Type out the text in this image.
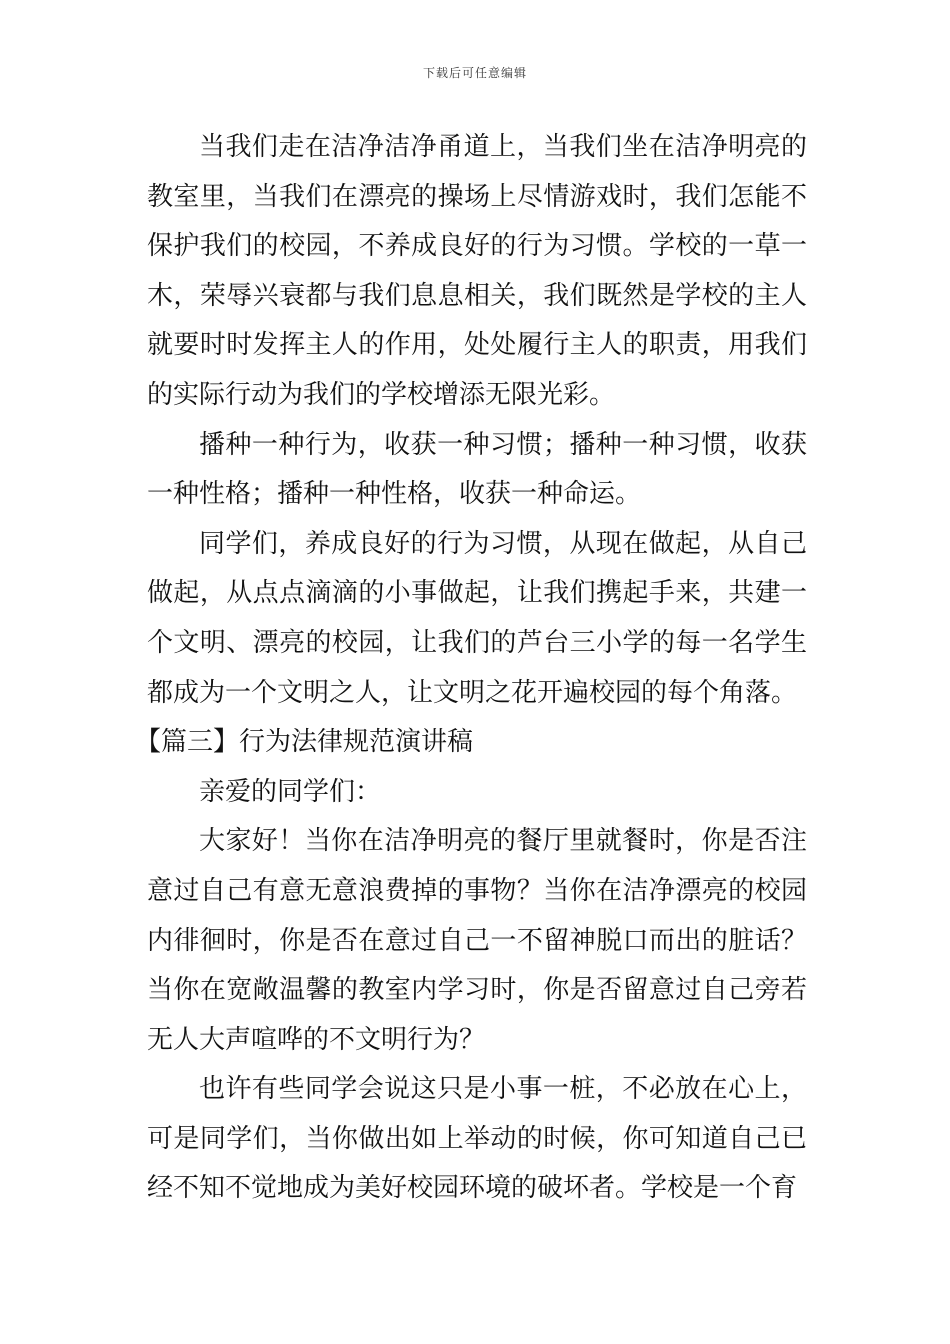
下载后可任意编辑

当我们走在洁净洁净甬道上，当我们坐在洁净明亮的教室里，当我们在漂亮的操场上尽情游戏时，我们怎能不保护我们的校园，不养成良好的行为习惯。学校的一草一木，荣辱兴衰都与我们息息相关，我们既然是学校的主人就要时时发挥主人的作用，处处履行主人的职责，用我们的实际行动为我们的学校增添无限光彩。

播种一种行为，收获一种习惯；播种一种习惯，收获一种性格；播种一种性格，收获一种命运。

同学们，养成良好的行为习惯，从现在做起，从自己做起，从点点滴滴的小事做起，让我们携起手来，共建一个文明、漂亮的校园，让我们的芦台三小学的每一名学生都成为一个文明之人，让文明之花开遍校园的每个角落。

【篇三】行为法律规范演讲稿

亲爱的同学们：

大家好！当你在洁净明亮的餐厅里就餐时，你是否注意过自己有意无意浪费掉的事物？当你在洁净漂亮的校园内徘徊时，你是否在意过自己一不留神脱口而出的脏话？当你在宽敞温馨的教室内学习时，你是否留意过自己旁若无人大声喧哗的不文明行为？

也许有些同学会说这只是小事一桩，不必放在心上，可是同学们，当你做出如上举动的时候，你可知道自己已经不知不觉地成为美好校园环境的破坏者。学校是一个育
